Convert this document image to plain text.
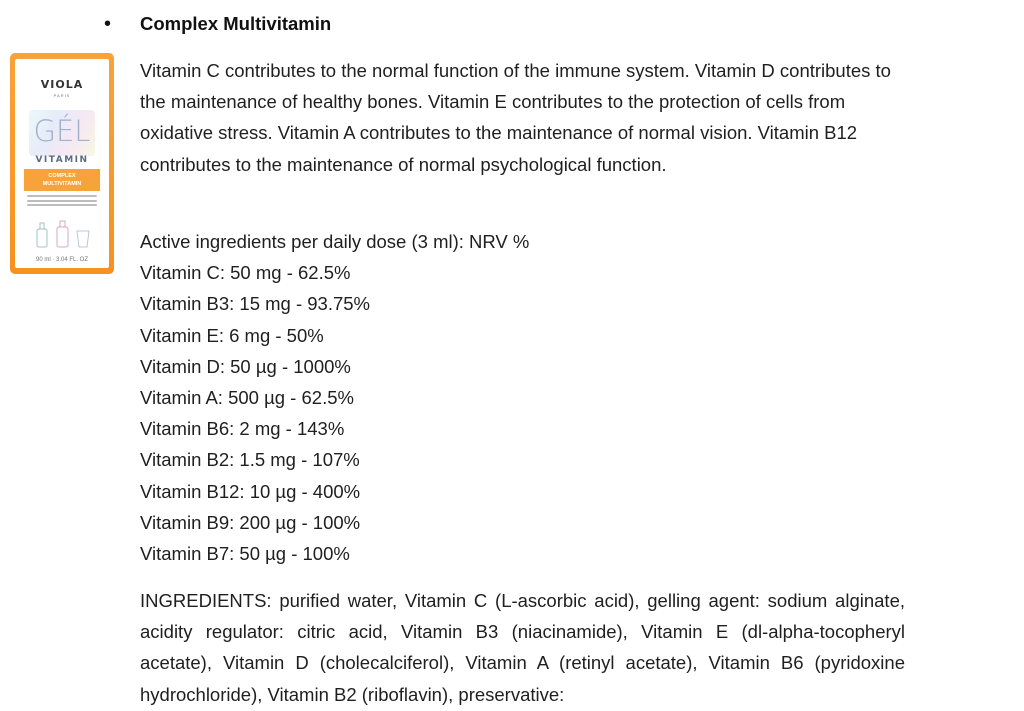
VIOLA
PARIS
GÉL
VITAMIN
COMPLEX
MULTIVITAMIN
90 ml · 3.04 FL. OZ
• Complex Multivitamin
Vitamin C contributes to the normal function of the immune system. Vitamin D contributes to the maintenance of healthy bones. Vitamin E contributes to the protection of cells from oxidative stress. Vitamin A contributes to the maintenance of normal vision. Vitamin B12 contributes to the maintenance of normal psychological function.
Active ingredients per daily dose (3 ml): NRV %
Vitamin C: 50 mg - 62.5%
Vitamin B3: 15 mg - 93.75%
Vitamin E: 6 mg - 50%
Vitamin D: 50 µg - 1000%
Vitamin A: 500 µg - 62.5%
Vitamin B6: 2 mg - 143%
Vitamin B2: 1.5 mg - 107%
Vitamin B12: 10 µg - 400%
Vitamin B9: 200 µg - 100%
Vitamin B7: 50 µg - 100%
INGREDIENTS: purified water, Vitamin C (L-ascorbic acid), gelling agent: sodium alginate, acidity regulator: citric acid, Vitamin B3 (niacinamide), Vitamin E (dl-alpha-tocopheryl acetate), Vitamin D (cholecalciferol), Vitamin A (retinyl acetate), Vitamin B6 (pyridoxine hydrochloride), Vitamin B2 (riboflavin), preservative:
